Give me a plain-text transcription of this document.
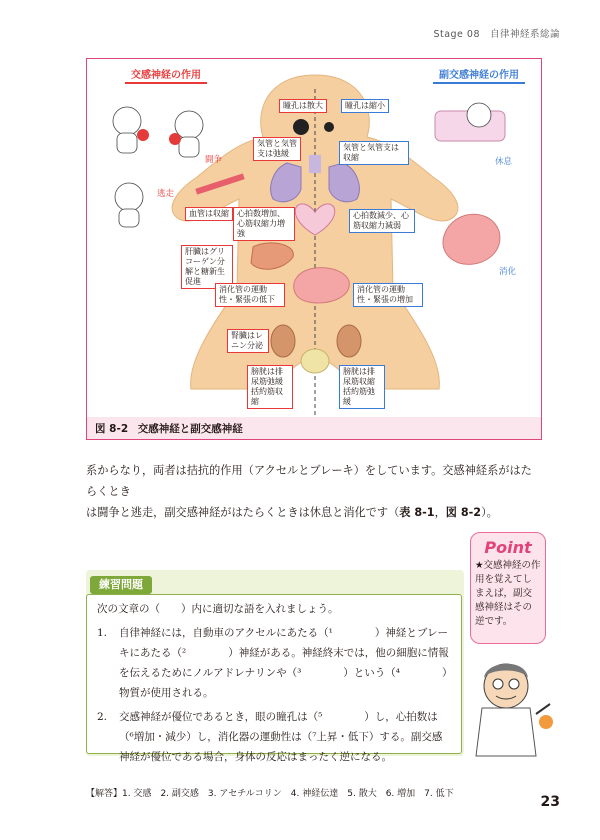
Stage 08　自律神経系総論
交感神経の作用	副交感神経の作用
瞳孔は散大
気管と気管支は弛緩
心拍数増加、心筋収縮力増強
血管は収縮
肝臓はグリコーゲン分解と糖新生促進
消化管の運動性・緊張の低下
腎臓はレニン分泌
膀胱は排尿筋弛緩括約筋収縮
瞳孔は縮小
気管と気管支は収縮
心拍数減少、心筋収縮力減弱
消化管の運動性・緊張の増加
膀胱は排尿筋収縮括約筋弛緩
闘争
逃走
休息
消化
図 8-2 交感神経と副交感神経
系からなり，両者は拮抗的作用（アクセルとブレーキ）をしています。交感神経系がはたらくとき
は闘争と逃走，副交感神経がはたらくときは休息と消化です（表 8-1，図 8-2）。
Point
★交感神経の作用を覚えてしまえば，副交感神経はその逆です。
次の文章の（　　）内に適切な語を入れましょう。
1.	自律神経には，自動車のアクセルにあたる（¹　　　　）神経とブレーキにあたる（²　　　　）神経がある。神経終末では，他の細胞に情報を伝えるためにノルアドレナリンや（³　　　　）という（⁴　　　　）物質が使用される。
2.	交感神経が優位であるとき，眼の瞳孔は（⁵　　　　）し，心拍数は（⁶増加・減少）し，消化器の運動性は（⁷上昇・低下）する。副交感神経が優位である場合，身体の反応はまったく逆になる。
練習問題
【解答】1. 交感　2. 副交感　3. アセチルコリン　4. 神経伝達　5. 散大　6. 増加　7. 低下	23
